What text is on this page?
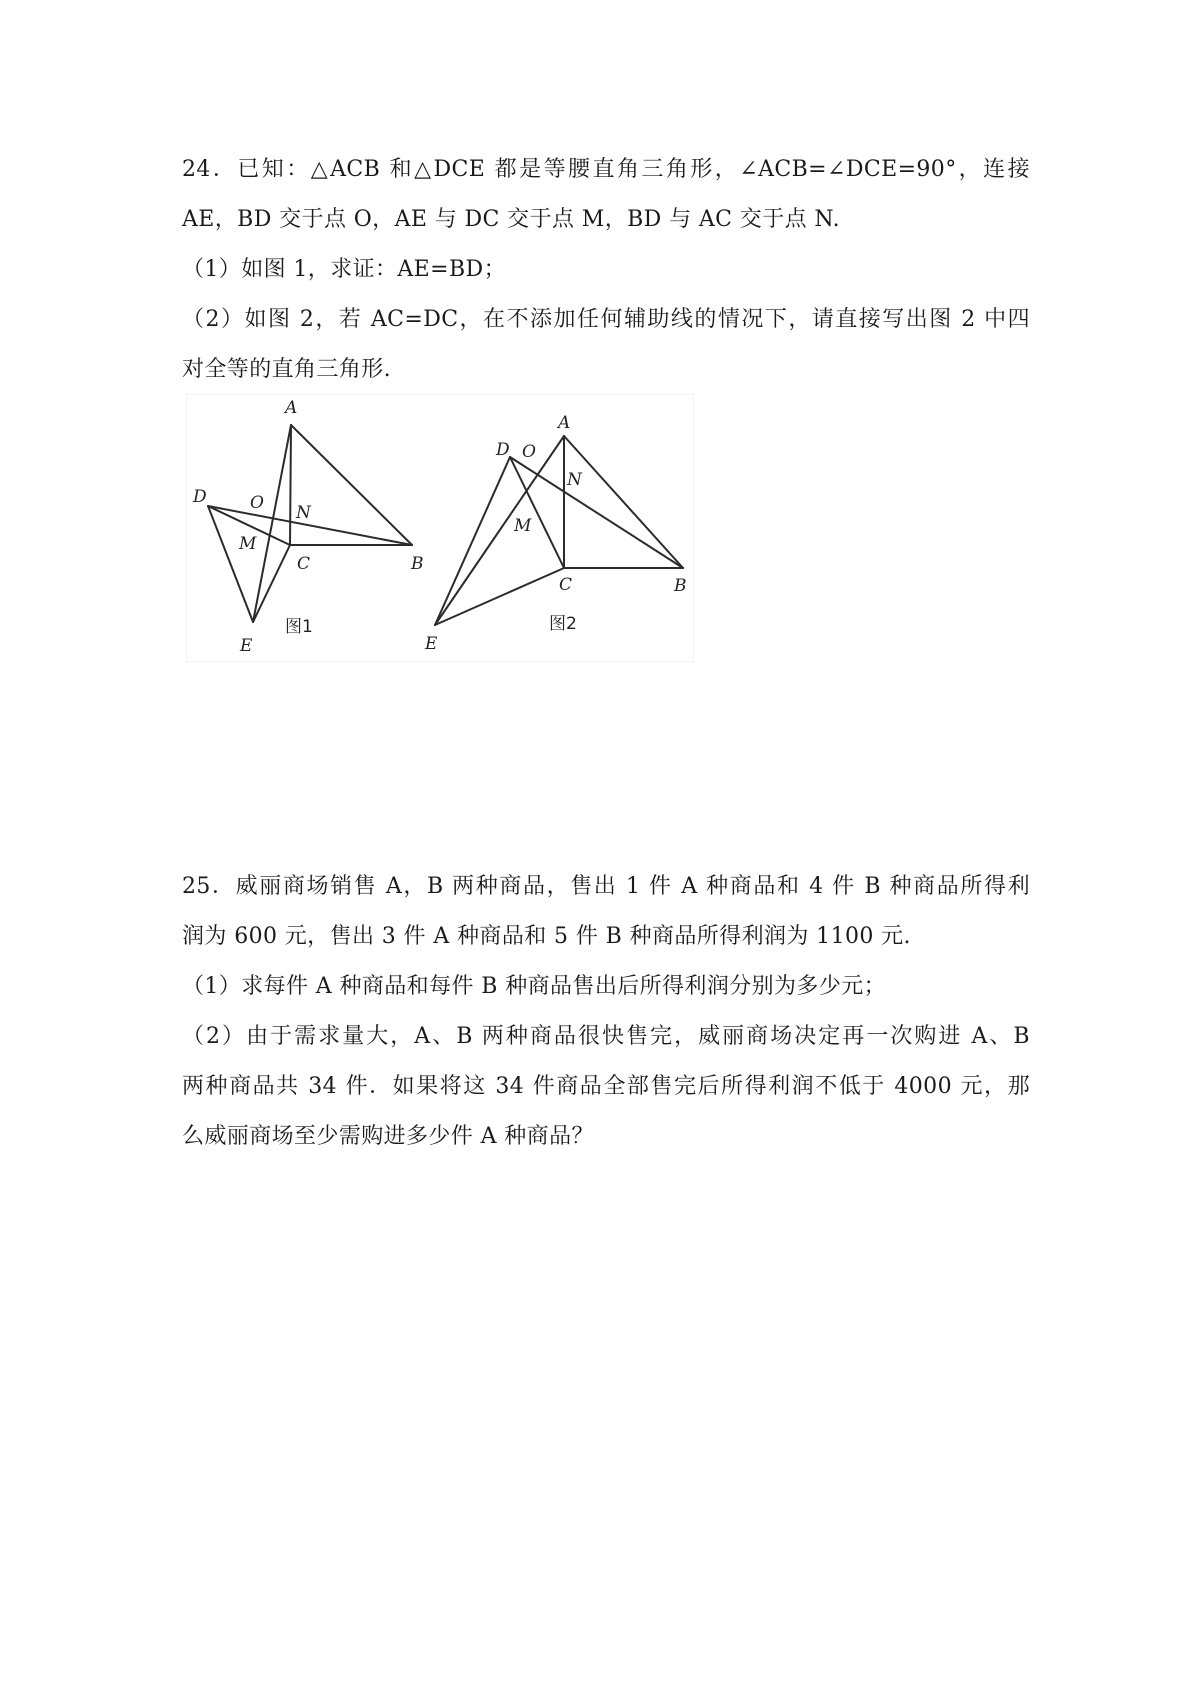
24．已知：△ACB 和△DCE 都是等腰直角三角形，∠ACB=∠DCE=90°，连接

AE，BD 交于点 O，AE 与 DC 交于点 M，BD 与 AC 交于点 N.

（1）如图 1，求证：AE=BD；

（2）如图 2，若 AC=DC，在不添加任何辅助线的情况下，请直接写出图 2 中四

对全等的直角三角形.

A
B
C
D
E
O
M
N
图1
A
B
C
D
E
O
M
N
图2

25．威丽商场销售 A，B 两种商品，售出 1 件 A 种商品和 4 件 B 种商品所得利

润为 600 元，售出 3 件 A 种商品和 5 件 B 种商品所得利润为 1100 元.

（1）求每件 A 种商品和每件 B 种商品售出后所得利润分别为多少元；

（2）由于需求量大，A、B 两种商品很快售完，威丽商场决定再一次购进 A、B

两种商品共 34 件．如果将这 34 件商品全部售完后所得利润不低于 4000 元，那

么威丽商场至少需购进多少件 A 种商品？
